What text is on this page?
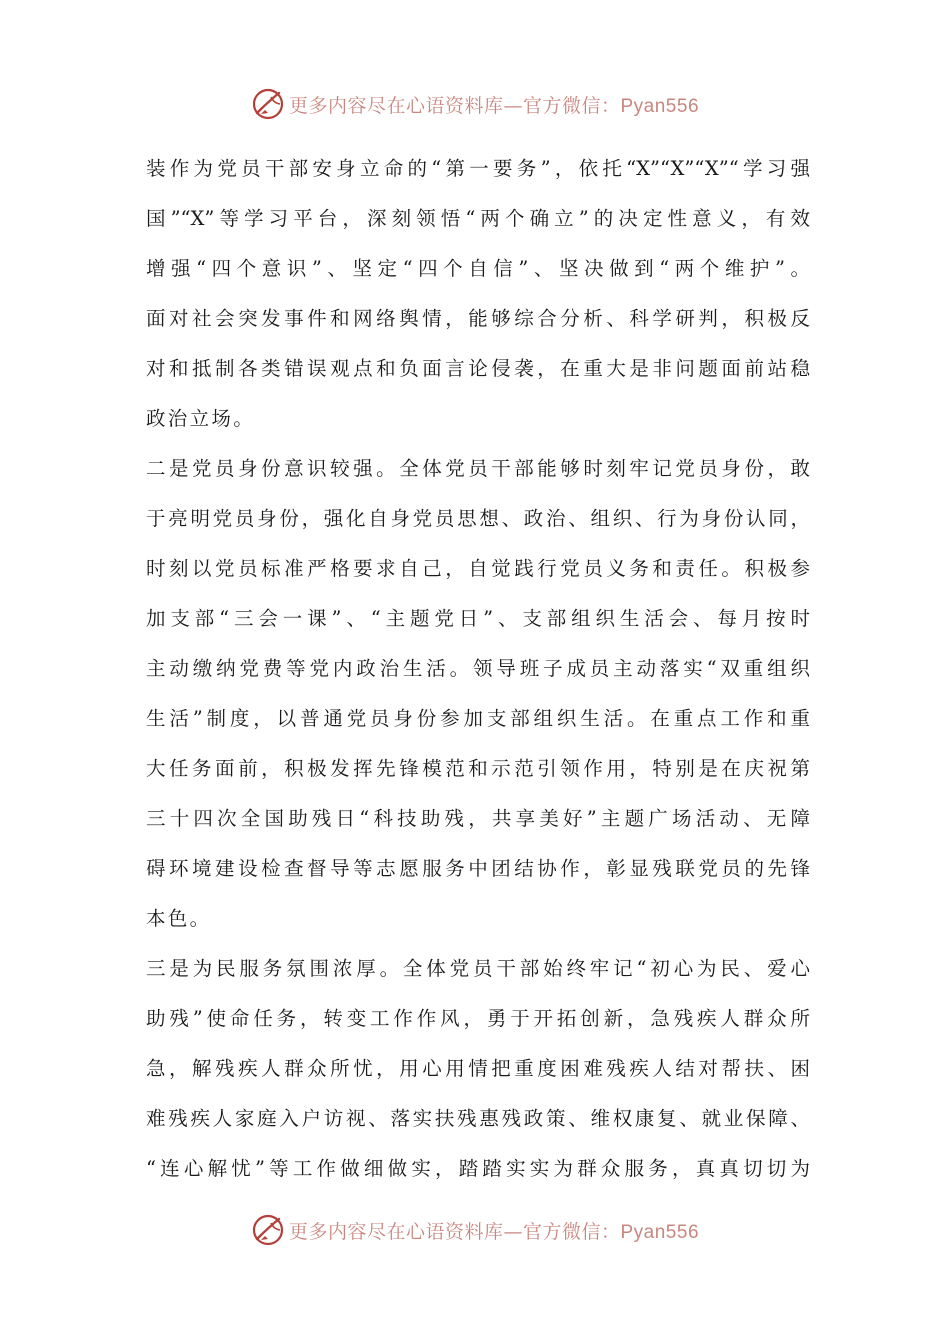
更多内容尽在心语资料库—官方微信：Pyan556
装作为党员干部安身立命的“第一要务”，依托“X”“X”“X”“学习强
国”“X”等学习平台，深刻领悟“两个确立”的决定性意义，有效
增强“四个意识”、坚定“四个自信”、坚决做到“两个维护”。
面对社会突发事件和网络舆情，能够综合分析、科学研判，积极反
对和抵制各类错误观点和负面言论侵袭，在重大是非问题面前站稳
政治立场。
二是党员身份意识较强。全体党员干部能够时刻牢记党员身份，敢
于亮明党员身份，强化自身党员思想、政治、组织、行为身份认同，
时刻以党员标准严格要求自己，自觉践行党员义务和责任。积极参
加支部“三会一课”、“主题党日”、支部组织生活会、每月按时
主动缴纳党费等党内政治生活。领导班子成员主动落实“双重组织
生活”制度，以普通党员身份参加支部组织生活。在重点工作和重
大任务面前，积极发挥先锋模范和示范引领作用，特别是在庆祝第
三十四次全国助残日“科技助残，共享美好”主题广场活动、无障
碍环境建设检查督导等志愿服务中团结协作，彰显残联党员的先锋
本色。
三是为民服务氛围浓厚。全体党员干部始终牢记“初心为民、爱心
助残”使命任务，转变工作作风，勇于开拓创新，急残疾人群众所
急，解残疾人群众所忧，用心用情把重度困难残疾人结对帮扶、困
难残疾人家庭入户访视、落实扶残惠残政策、维权康复、就业保障、
“连心解忧”等工作做细做实，踏踏实实为群众服务，真真切切为
更多内容尽在心语资料库—官方微信：Pyan556
